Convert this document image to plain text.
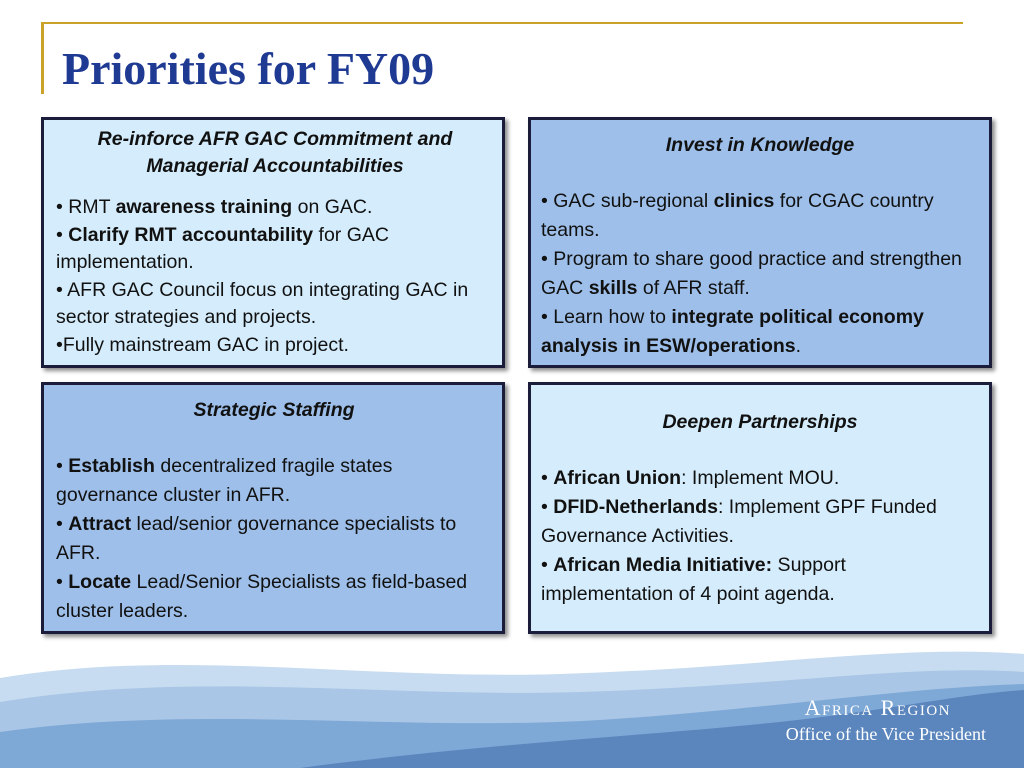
Priorities for FY09
Re-inforce AFR GAC Commitment and Managerial Accountabilities

• RMT awareness training on GAC.

• Clarify RMT accountability for GAC implementation.

• AFR GAC Council focus on integrating GAC in sector strategies and projects.

•Fully mainstream GAC in project.

Invest in Knowledge

• GAC sub-regional clinics for CGAC country teams.

• Program to share good practice and strengthen GAC skills of AFR staff.

• Learn how to integrate political economy analysis in ESW/operations.

Strategic Staffing

• Establish decentralized fragile states governance cluster in AFR.

• Attract lead/senior governance specialists to AFR.

• Locate Lead/Senior Specialists as field-based cluster leaders.

Deepen Partnerships

• African Union: Implement MOU.

• DFID-Netherlands: Implement GPF Funded Governance Activities.

• African Media Initiative: Support implementation of 4 point agenda.

Africa Region
Office of the Vice President
